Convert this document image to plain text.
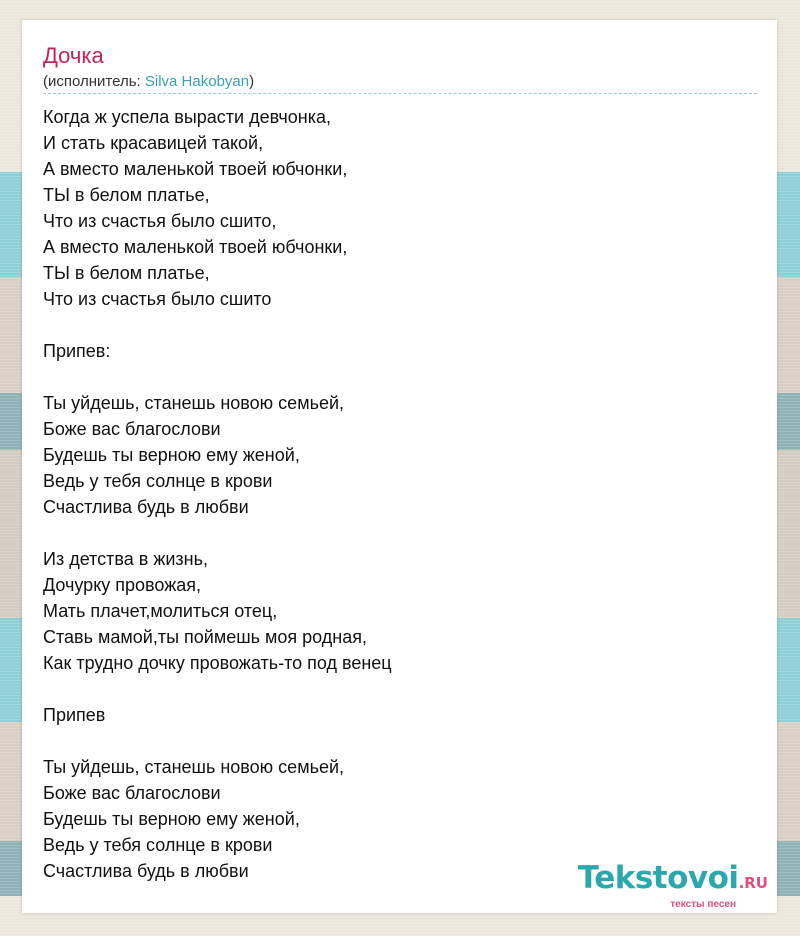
Дочка
(исполнитель: Silva Hakobyan)
Когда ж успела вырасти девчонка,
И стать красавицей такой,
А вместо маленькой твоей юбчонки,
ТЫ в белом платье,
Что из счастья было сшито,
А вместо маленькой твоей юбчонки,
ТЫ в белом платье,
Что из счастья было сшито
Припев:
Ты уйдешь, станешь новою семьей,
Боже вас благослови
Будешь ты верною ему женой,
Ведь у тебя солнце в крови
Счастлива будь в любви
Из детства в жизнь,
Дочурку провожая,
Мать плачет,молиться отец,
Ставь мамой,ты поймешь моя родная,
Как трудно дочку провожать-то под венец
Припев
Ты уйдешь, станешь новою семьей,
Боже вас благослови
Будешь ты верною ему женой,
Ведь у тебя солнце в крови
Счастлива будь в любви	Tekstovoi.RU
тексты песен
